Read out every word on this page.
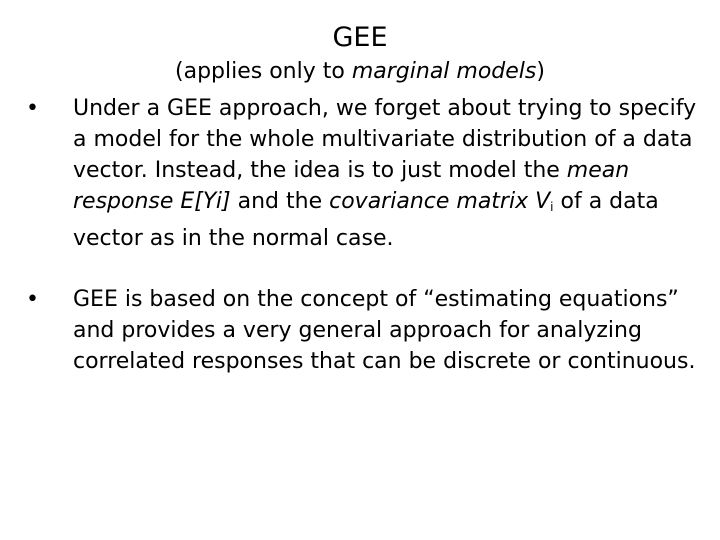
GEE
(applies only to marginal models)
•	Under a GEE approach, we forget about trying to specify a model for the whole multivariate distribution of a data vector. Instead, the idea is to just model the mean response E[Yi] and the covariance matrix $V_i$ of a data vector as in the normal case.
•	GEE is based on the concept of “estimating equations” and provides a very general approach for analyzing correlated responses that can be discrete or continuous.
